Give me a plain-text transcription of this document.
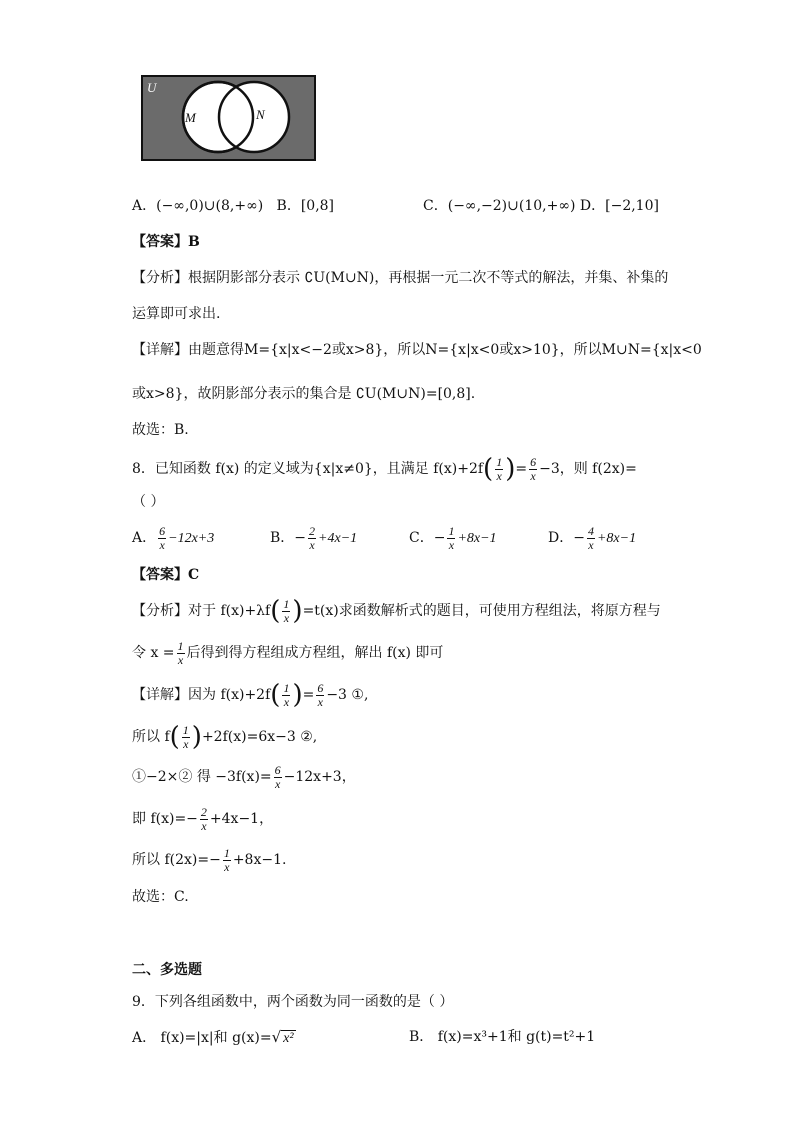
U
M	N
A．(−∞,0)∪(8,+∞)   B．[0,8]                    C．(−∞,−2)∪(10,+∞) D．[−2,10]
【答案】B
【分析】根据阴影部分表示 ∁U(M∪N)，再根据一元二次不等式的解法，并集、补集的
运算即可求出.
【详解】由题意得M={x|x<−2或x>8}，所以N={x|x<0或x>10}，所以M∪N={x|x<0
或x>8}，故阴影部分表示的集合是 ∁U(M∪N)=[0,8].
故选：B.
8．已知函数 f(x) 的定义域为{x|x≠0}，且满足 $f(x)+2f( \frac{1}{x}$ )= $\frac{6}{x} -3$，则 f(2x)=
（ ）
A． $\frac{6}{x} -12x+3$	B．− $\frac{2}{x} +4x-1$	C．− $\frac{1}{x} +8x-1$	D．− $\frac{4}{x} +8x-1$
【答案】C
【分析】对于 $f(x)+\lambda f( \frac{1}{x} )=t(x)$求函数解析式的题目，可使用方程组法，将原方程与
令 $x = \frac{1}{x}$ 后得到得方程组成方程组，解出 f(x) 即可
【详解】因为 $f(x)+2f( \frac{1}{x}$ )= $\frac{6}{x} -3$ ①,
所以 $f( \frac{1}{x} )+2f(x)=6x-3$ ②,
①−2×② 得 $-3f(x)= \frac{6}{x} -12x+3$，
即 $f(x)=- \frac{2}{x} +4x-1$，
所以 $f(2x)=- \frac{1}{x} +8x-1$.
故选：C.
二、多选题
9．下列各组函数中，两个函数为同一函数的是（ ）
A． f(x)=|x|和 g(x)=√ x²	B． f(x)=x³+1和 g(t)=t²+1
